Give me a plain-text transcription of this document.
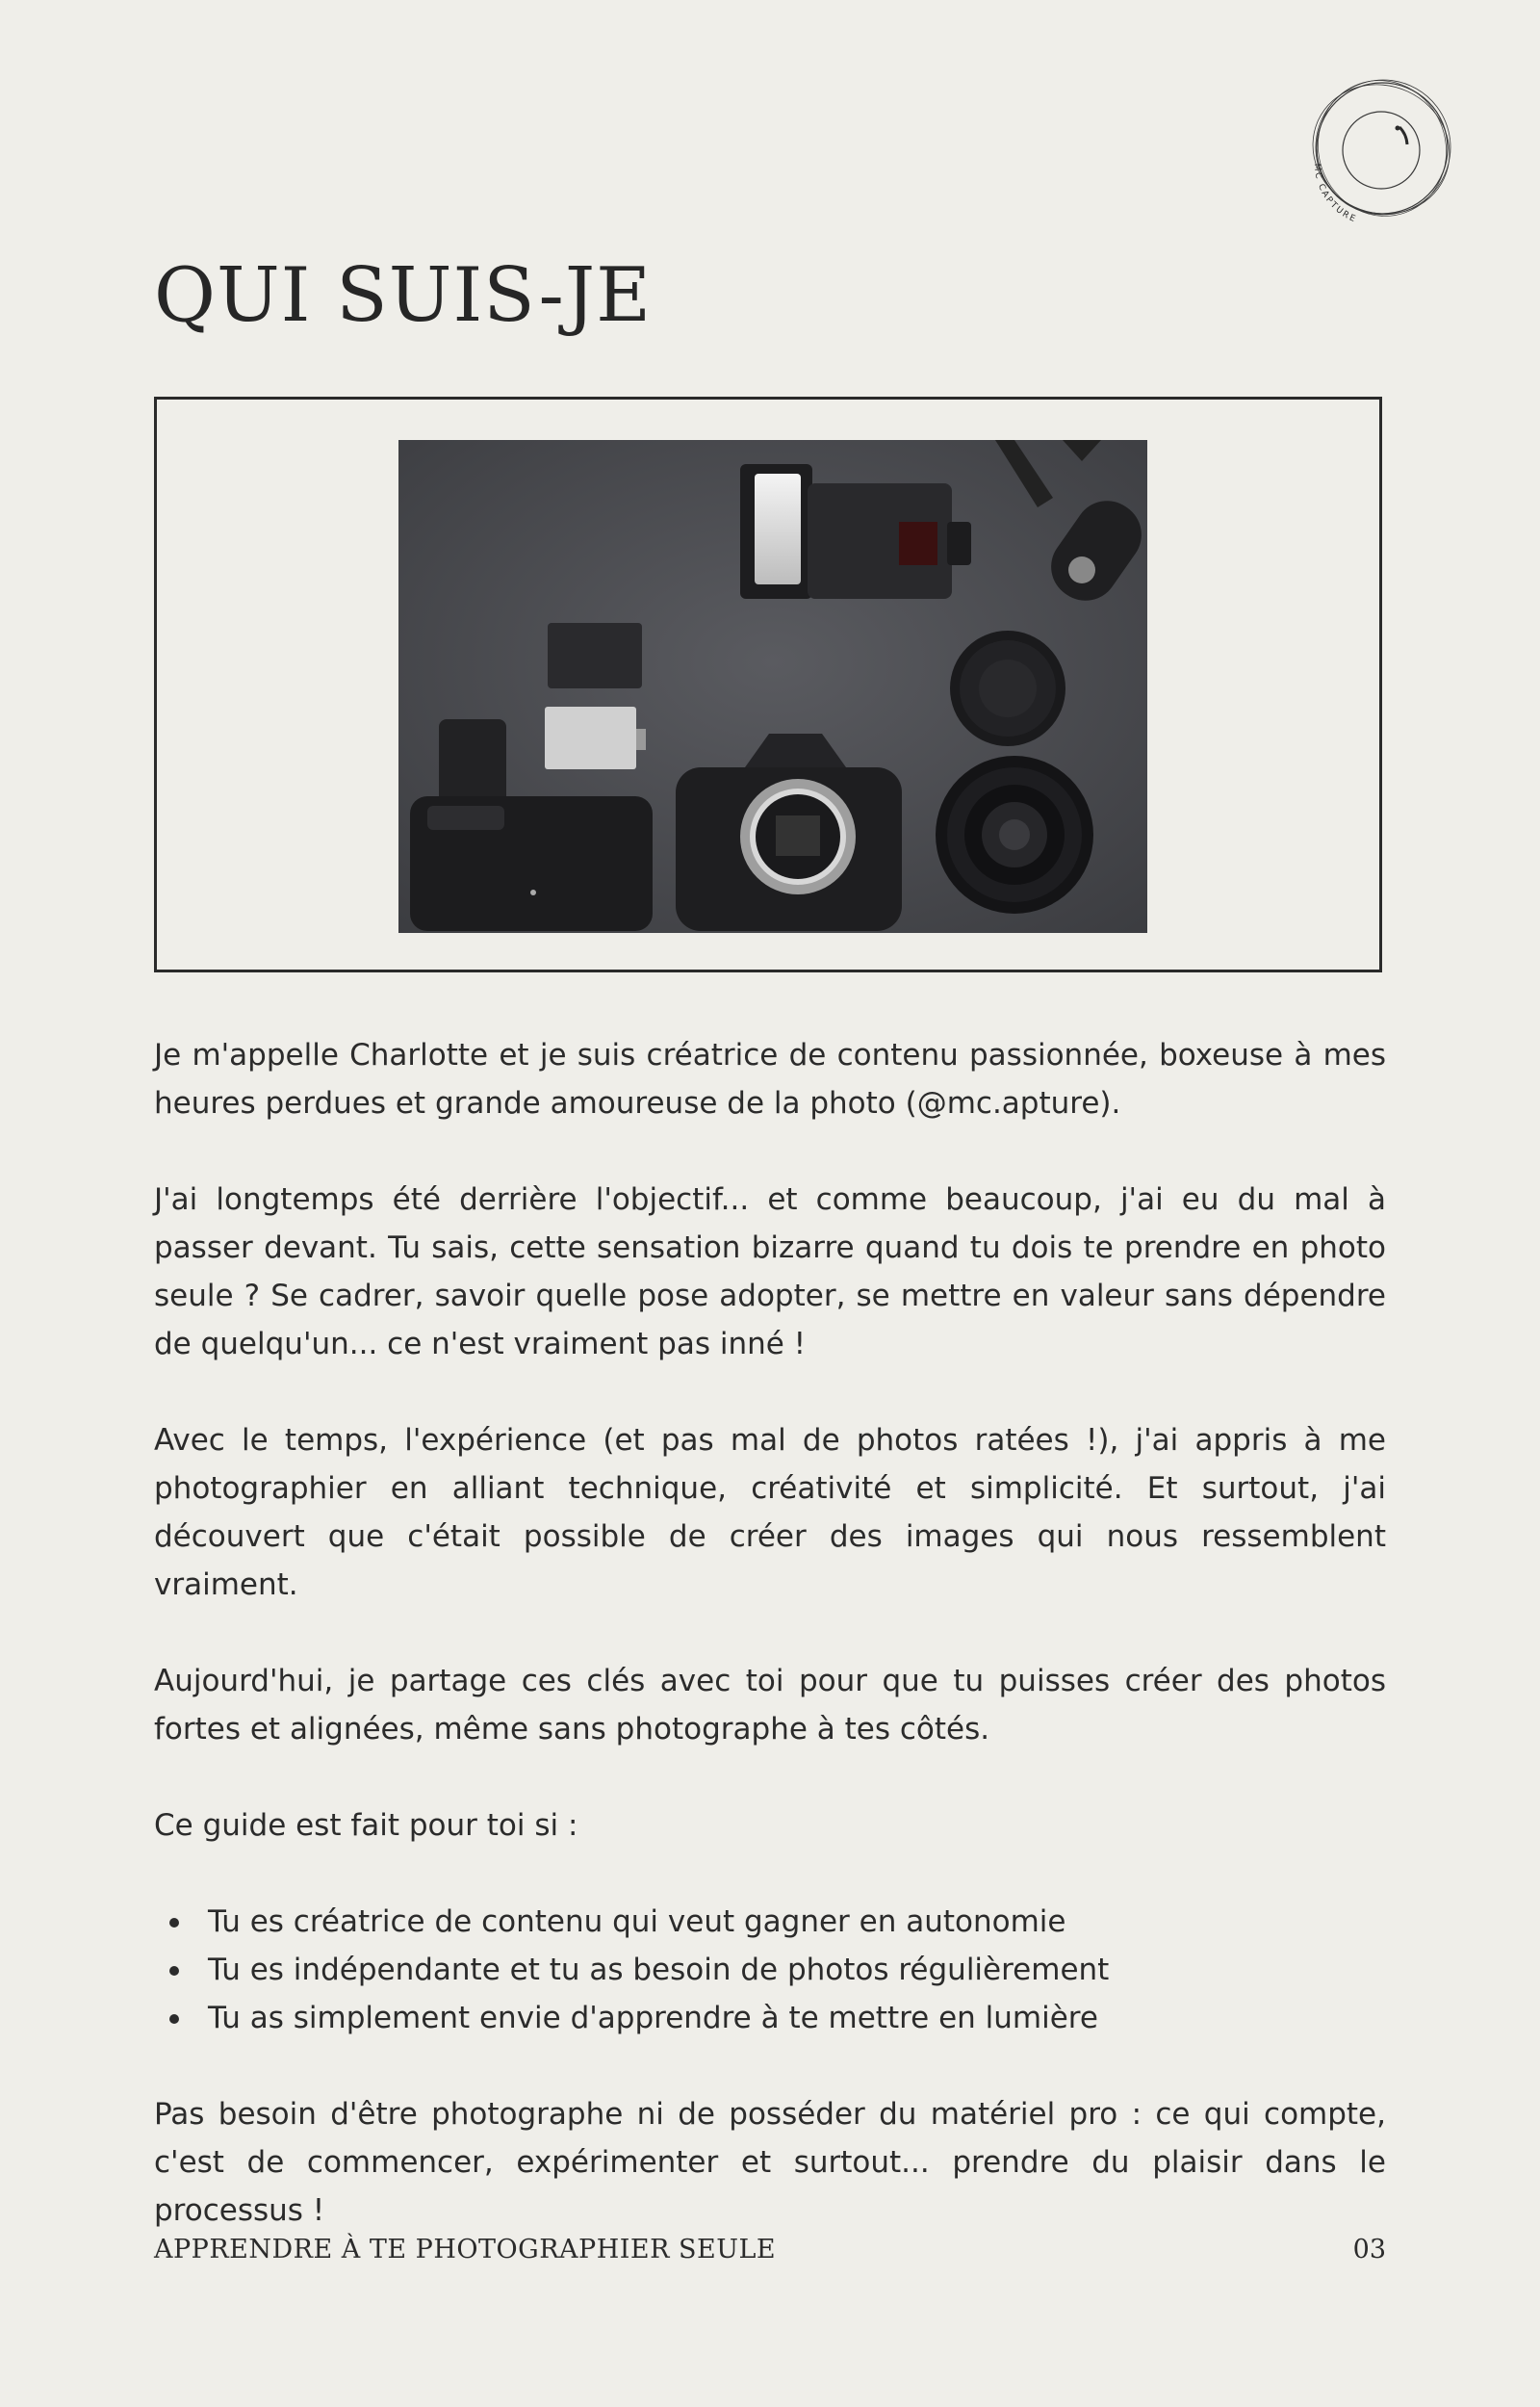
MC CAPTURE
QUI SUIS-JE

Je m'appelle Charlotte et je suis créatrice de contenu passionnée, boxeuse à mes heures perdues et grande amoureuse de la photo (@mc.apture).

J'ai longtemps été derrière l'objectif... et comme beaucoup, j'ai eu du mal à passer devant. Tu sais, cette sensation bizarre quand tu dois te prendre en photo seule ? Se cadrer, savoir quelle pose adopter, se mettre en valeur sans dépendre de quelqu'un... ce n'est vraiment pas inné !

Avec le temps, l'expérience (et pas mal de photos ratées !), j'ai appris à me photographier en alliant technique, créativité et simplicité. Et surtout, j'ai découvert que c'était possible de créer des images qui nous ressemblent vraiment.

Aujourd'hui, je partage ces clés avec toi pour que tu puisses créer des photos fortes et alignées, même sans photographe à tes côtés.

Ce guide est fait pour toi si :

Tu es créatrice de contenu qui veut gagner en autonomie
Tu es indépendante et tu as besoin de photos régulièrement
Tu as simplement envie d'apprendre à te mettre en lumière

Pas besoin d'être photographe ni de posséder du matériel pro : ce qui compte, c'est de commencer, expérimenter et surtout... prendre du plaisir dans le processus !

APPRENDRE À TE PHOTOGRAPHIER SEULE	03
